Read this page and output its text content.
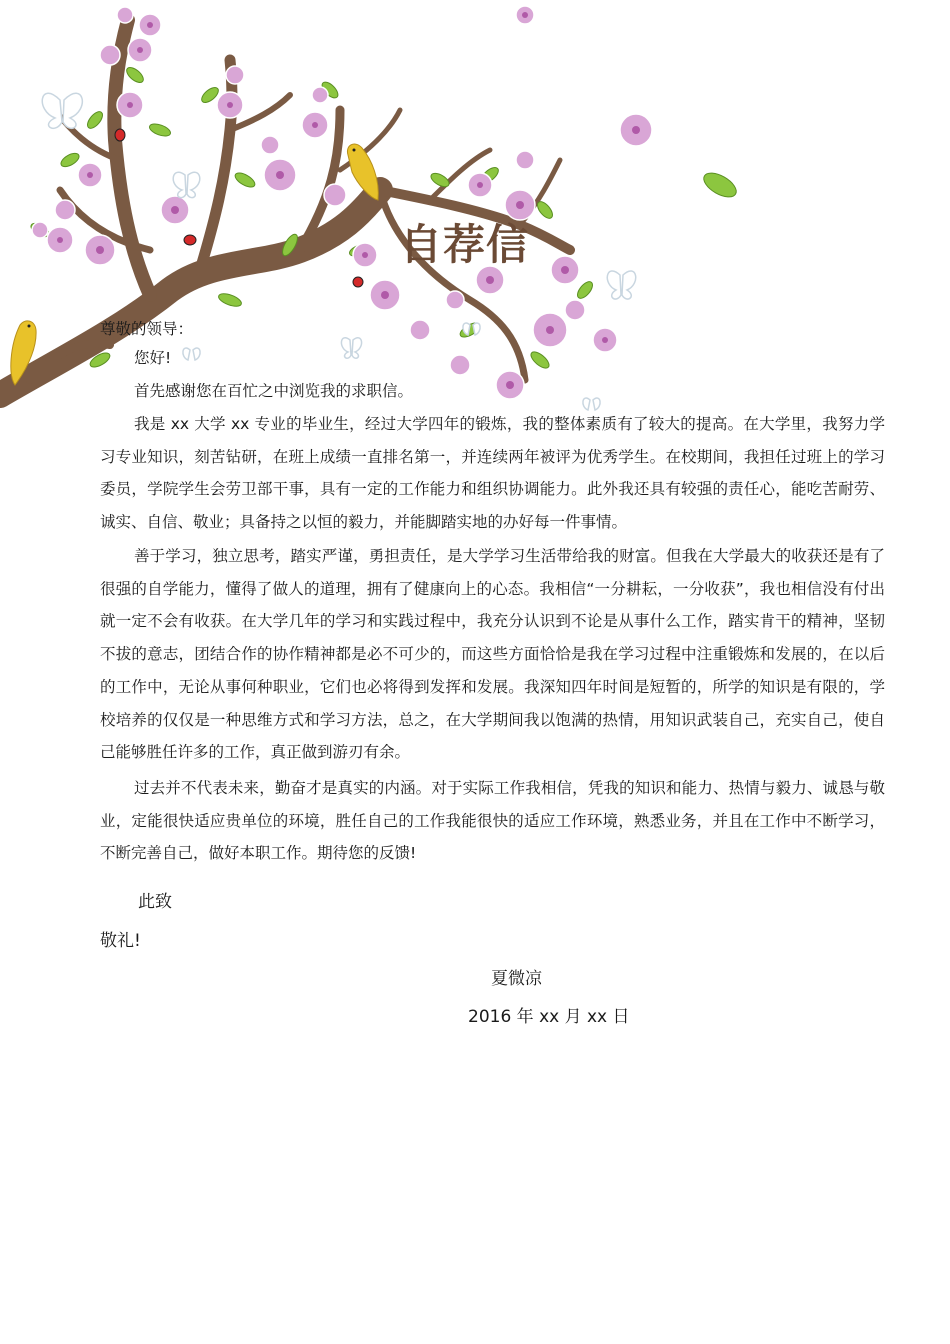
自荐信
尊敬的领导：
您好!
首先感谢您在百忙之中浏览我的求职信。

我是 xx 大学 xx 专业的毕业生，经过大学四年的锻炼，我的整体素质有了较大的提高。在大学里，我努力学习专业知识，刻苦钻研，在班上成绩一直排名第一，并连续两年被评为优秀学生。在校期间，我担任过班上的学习委员，学院学生会劳卫部干事，具有一定的工作能力和组织协调能力。此外我还具有较强的责任心，能吃苦耐劳、诚实、自信、敬业；具备持之以恒的毅力，并能脚踏实地的办好每一件事情。

善于学习，独立思考，踏实严谨，勇担责任，是大学学习生活带给我的财富。但我在大学最大的收获还是有了很强的自学能力，懂得了做人的道理，拥有了健康向上的心态。我相信“一分耕耘，一分收获”，我也相信没有付出就一定不会有收获。在大学几年的学习和实践过程中，我充分认识到不论是从事什么工作，踏实肯干的精神，坚韧不拔的意志，团结合作的协作精神都是必不可少的，而这些方面恰恰是我在学习过程中注重锻炼和发展的，在以后的工作中，无论从事何种职业，它们也必将得到发挥和发展。我深知四年时间是短暂的，所学的知识是有限的，学校培养的仅仅是一种思维方式和学习方法，总之，在大学期间我以饱满的热情，用知识武装自己，充实自己，使自己能够胜任许多的工作，真正做到游刃有余。

过去并不代表未来，勤奋才是真实的内涵。对于实际工作我相信，凭我的知识和能力、热情与毅力、诚恳与敬业，定能很快适应贵单位的环境，胜任自己的工作我能很快的适应工作环境，熟悉业务，并且在工作中不断学习，不断完善自己，做好本职工作。期待您的反馈!

此致
敬礼!
夏微凉
2016 年 xx 月 xx 日
